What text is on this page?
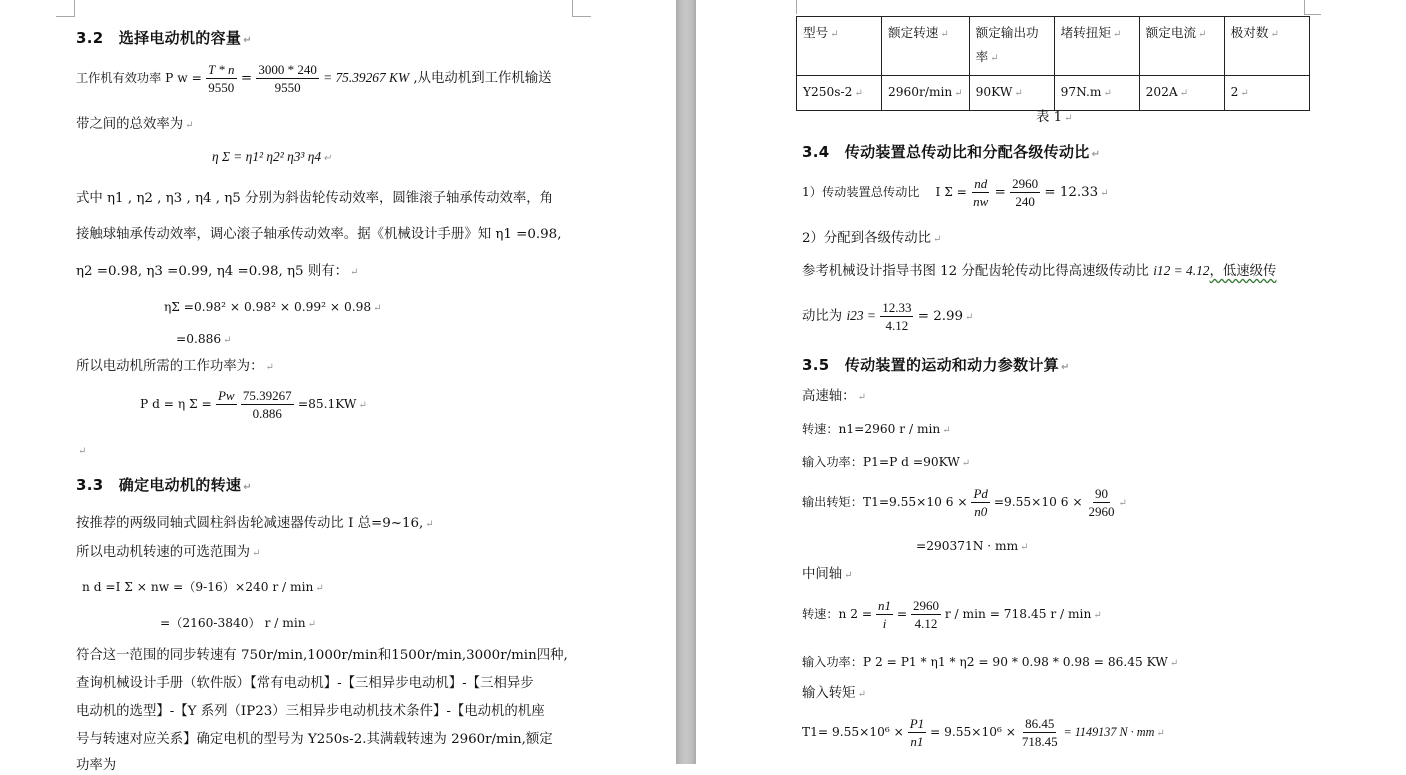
3.2　选择电动机的容量 ↵
工作机有效功率 P $w = \frac{T * n}{9550} = \frac{3000 * 240}{9550} = 75.39267$ KW ,从电动机到工作机输送
带之间的总效率为 ↵
η Σ = η1² η2² η3³ η4 ↵
式中 η1 , η2 , η3 , η4 , η5 分别为斜齿轮传动效率，圆锥滚子轴承传动效率，角
接触球轴承传动效率，调心滚子轴承传动效率。据《机械设计手册》知 η1 =0.98,
η2 =0.98, η3 =0.99, η4 =0.98, η5 则有： ↵
ηΣ =0.98² × 0.98² × 0.99² × 0.98 ↵
=0.886 ↵
所以电动机所需的工作功率为： ↵
P d = η Σ =
Pw

$\frac{75.39267}{0.886} =85.1KW$ ↵
↵
3.3　确定电动机的转速 ↵
按推荐的两级同轴式圆柱斜齿轮减速器传动比 I 总=9~16, ↵
所以电动机转速的可选范围为 ↵
n d =I Σ × nw =（9-16）×240 r / min ↵
=（2160-3840） r / min ↵
符合这一范围的同步转速有 750r/min,1000r/min和1500r/min,3000r/min四种,
查询机械设计手册（软件版）【常有电动机】-【三相异步电动机】-【三相异步
电动机的选型】-【Y 系列（IP23）三相异步电动机技术条件】-【电动机的机座
号与转速对应关系】确定电机的型号为 Y250s-2.其满载转速为 2960r/min,额定
功率为
型号 ↵	额定转速 ↵	额定输出功率 ↵	堵转扭矩 ↵	额定电流 ↵	极对数 ↵
Y250s-2 ↵	2960r/min ↵	90KW ↵	97N.m ↵	202A ↵	2 ↵
表 1 ↵
3.4　传动装置总传动比和分配各级传动比 ↵
1）传动装置总传动比　 I $\Sigma = \frac{nd}{nw} = \frac{2960}{240} = 12.33$ ↵
2）分配到各级传动比 ↵
参考机械设计指导书图 12 分配齿轮传动比得高速级传动比 i12 = 4.12，低速级传
动比为 $i23 = \frac{12.33}{4.12} = 2.99$ ↵
3.5　传动装置的运动和动力参数计算 ↵
高速轴： ↵
转速：n1=2960 r / min ↵
输入功率：P1=P d =90KW ↵
输出转矩：T1=9.55×10 $6 \times \frac{Pd}{n0} =9.55\times 10$ $6 \times \frac{90}{2960}$ ↵
=290371N · mm ↵
中间轴 ↵
转速：n $2 = \frac{n1}{i} = \frac{2960}{4.12}$ r / min = 718.45 r / min ↵
输入功率：P 2 = P1 * η1 * η2 = 90 * 0.98 * 0.98 = 86.45 KW ↵
输入转矩 ↵
$T1= 9.55\times 10^6 \times \frac{P1}{n1} = 9.55\times 10^6 \times \frac{86.45}{718.45} = 1149137$ N · mm ↵
